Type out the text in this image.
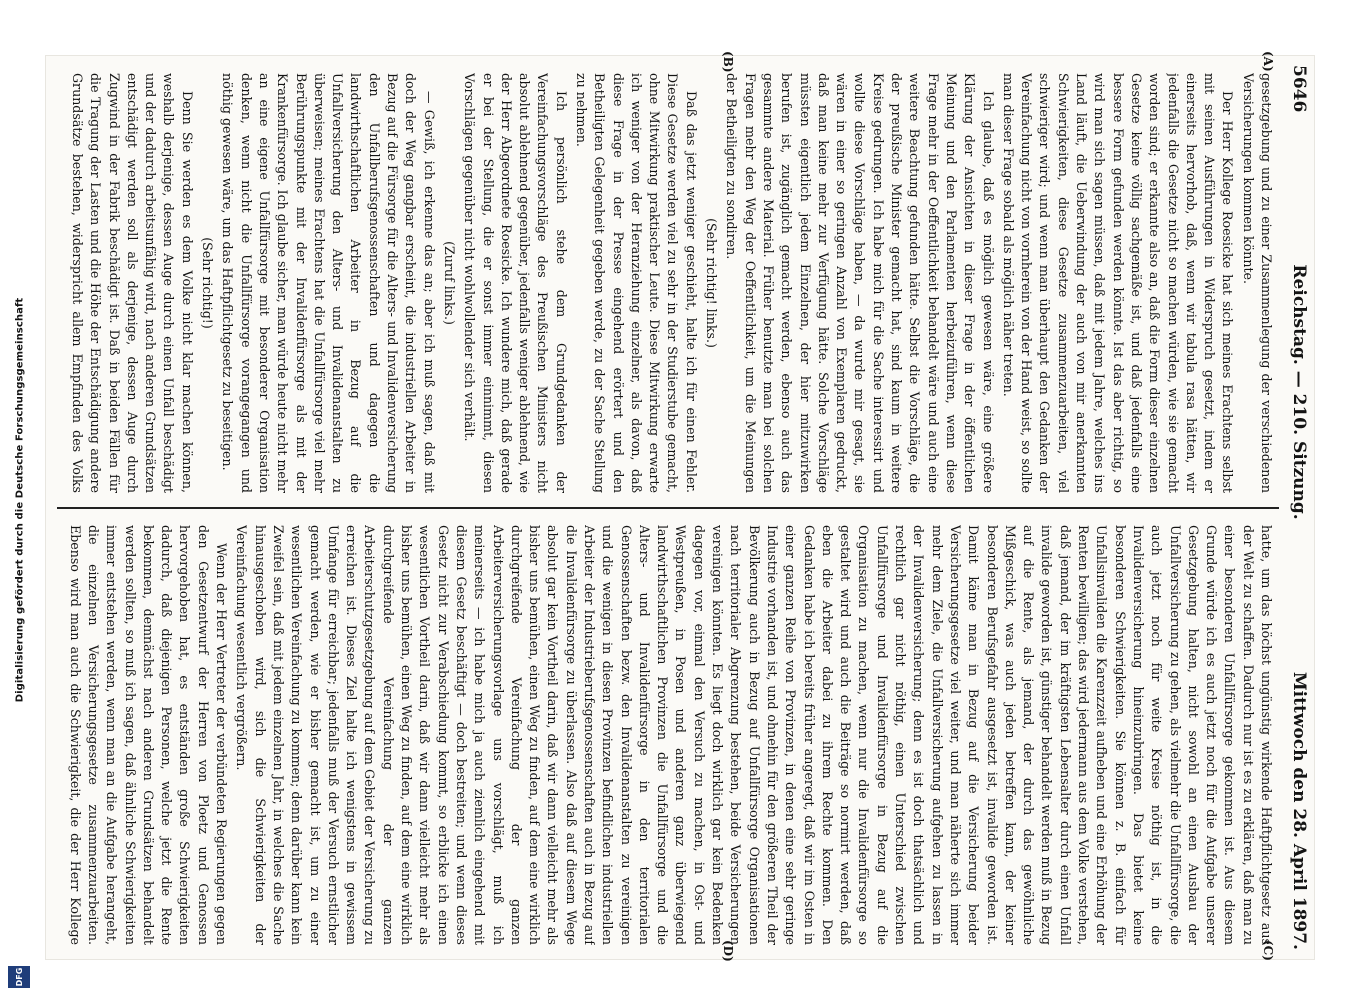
Digitalisierung gefördert durch die Deutsche Forschungsgemeinschaft
DFG
5646
Reichstag. — 210. Sitzung.
Mittwoch den 28. April 1897.
(A)
(B)
(C)
(D)

gesetzgebung und zu einer Zusammenlegung der verschiedenen Versicherungen kommen könnte.

Der Herr Kollege Roesicke hat sich meines Erachtens selbst mit seinen Ausführungen in Widerspruch gesetzt, indem er einerseits hervorhob, daß, wenn wir tabula rasa hätten, wir jedenfalls die Gesetze nicht so machen würden, wie sie gemacht worden sind; er erkannte also an, daß die Form dieser einzelnen Gesetze keine völlig sachgemäße ist, und daß jedenfalls eine bessere Form gefunden werden könnte. Ist das aber richtig, so wird man sich sagen müssen, daß mit jedem Jahre, welches ins Land läuft, die Ueberwindung der auch von mir anerkannten Schwierigkeiten, diese Gesetze zusammenzuarbeiten, viel schwieriger wird; und wenn man überhaupt den Gedanken der Vereinfachung nicht von vornherein von der Hand weist, so sollte man dieser Frage sobald als möglich näher treten.

Ich glaube, daß es möglich gewesen wäre, eine größere Klärung der Ansichten in dieser Frage in der öffentlichen Meinung und den Parlamenten herbeizuführen, wenn diese Frage mehr in der Oeffentlichkeit behandelt wäre und auch eine weitere Beachtung gefunden hätte. Selbst die Vorschläge, die der preußische Minister gemacht hat, sind kaum in weitere Kreise gedrungen. Ich habe mich für die Sache interessirt und wollte diese Vorschläge haben, — da wurde mir gesagt, sie wären in einer so geringen Anzahl von Exemplaren gedruckt, daß man keine mehr zur Verfügung hätte. Solche Vorschläge müssten eigentlich jedem Einzelnen, der hier mitzuwirken berufen ist, zugänglich gemacht werden, ebenso auch das gesammte andere Material. Früher benutzte man bei solchen Fragen mehr den Weg der Oeffentlichkeit, um die Meinungen der Betheiligten zu sondiren.

(Sehr richtig! links.)

Daß das jetzt weniger geschieht, halte ich für einen Fehler. Diese Gesetze werden viel zu sehr in der Studierstube gemacht, ohne Mitwirkung praktischer Leute. Diese Mitwirkung erwarte ich weniger von der Heranziehung einzelner, als davon, daß diese Frage in der Presse eingehend erörtert und den Betheiligten Gelegenheit gegeben werde, zu der Sache Stellung zu nehmen.

Ich persönlich stehe dem Grundgedanken der Vereinfachungsvorschläge des Preußischen Ministers nicht absolut ablehnend gegenüber, jedenfalls weniger ablehnend, wie der Herr Abgeordnete Roesicke. Ich wundere mich, daß gerade er bei der Stellung, die er sonst immer einnimmt, diesen Vorschlägen gegenüber nicht wohlwollender sich verhält.

(Zuruf links.)

— Gewiß, ich erkenne das an; aber ich muß sagen, daß mit doch der Weg gangbar erscheint, die industriellen Arbeiter in Bezug auf die Fürsorge für die Alters- und Invalidenversicherung den Unfallberufsgenossenschaften und dagegen die landwirthschaftlichen Arbeiter in Bezug auf die Unfallversicherung den Alters- und Invalidenanstalten zu überweisen; meines Erachtens hat die Unfallfürsorge viel mehr Berührungspunkte mit der Invalidenfürsorge als mit der Krankenfürsorge. Ich glaube sicher, man würde heute nicht mehr an eine eigene Unfallfürsorge mit besonderer Organisation denken, wenn nicht die Unfallfürsorge vorangegangen und nöthig gewesen wäre, um das Haftpflichtgesetz zu beseitigen.

(Sehr richtig!)

Denn Sie werden es dem Volke nicht klar machen können, weshalb derjenige, dessen Auge durch einen Unfall beschädigt und der dadurch arbeitsunfähig wird, nach anderen Grundsätzen entschädigt werden soll als derjenige, dessen Auge durch Zugwind in der Fabrik beschädigt ist. Daß in beiden Fällen für die Tragung der Lasten und die Höhe der Entschädigung andere Grundsätze bestehen, widerspricht allem Empfinden des Volks

hatte, um das höchst ungünstig wirkende Haftpflichtgesetz aus der Welt zu schaffen. Dadurch nur ist es zu erklären, daß man zu einer besonderen Unfallfürsorge gekommen ist. Aus diesem Grunde würde ich es auch jetzt noch für die Aufgabe unserer Gesetzgebung halten, nicht sowohl an einen Ausbau der Unfallversicherung zu gehen, als vielmehr die Unfallfürsorge, die auch jetzt noch für weite Kreise nöthig ist, in die Invalidenversicherung hineinzubringen. Das bietet keine besonderen Schwierigkeiten. Sie können z. B. einfach für Unfallsinvaliden die Karenzzeit aufheben und eine Erhöhung der Renten bewilligen; das wird jedermann aus dem Volke verstehen, daß jemand, der im kräftigsten Lebensalter durch einen Unfall invalide geworden ist, günstiger behandelt werden muß in Bezug auf die Rente, als jemand, der durch das gewöhnliche Mißgeschick, was auch jeden betreffen kann, der keiner besonderen Berufsgefahr ausgesetzt ist, invalide geworden ist. Damit käme man in Bezug auf die Versicherung beider Versicherungsgesetze viel weiter, und man näherte sich immer mehr dem Ziele, die Unfallversicherung aufgehen zu lassen in der Invalidenversicherung; denn es ist doch thatsächlich und rechtlich gar nicht nöthig, einen Unterschied zwischen Unfallfürsorge und Invalidenfürsorge in Bezug auf die Organisation zu machen, wenn nur die Invalidenfürsorge so gestaltet wird und auch die Beiträge so normirt werden, daß eben die Arbeiter dabei zu ihrem Rechte kommen. Den Gedanken habe ich bereits früher angeregt, daß wir im Osten in einer ganzen Reihe von Provinzen, in denen eine sehr geringe Industrie vorhanden ist, und ohnehin für den größeren Theil der Bevölkerung auch in Bezug auf Unfallfürsorge Organisationen nach territorialer Abgrenzung bestehen, beide Versicherungen vereinigen könnten. Es liegt doch wirklich gar kein Bedenken dagegen vor, einmal den Versuch zu machen, in Ost- und Westpreußen, in Posen und anderen ganz überwiegend landwirthschaftlichen Provinzen die Unfallfürsorge und die Alters- und Invalidenfürsorge in den territorialen Genossenschaften bezw. den Invalidenanstalten zu vereinigen und die wenigen in diesen Provinzen befindlichen industriellen Arbeiter der Industrieberufsgenossenschaften auch in Bezug auf die Invalidenfürsorge zu überlassen. Also daß auf diesem Wege absolut gar kein Vortheil darin, daß wir dann vielleicht mehr als bisher uns bemühen, einen Weg zu finden, auf dem eine wirklich durchgreifende Vereinfachung der ganzen Arbeiterversicherungsvorlage uns vorschlägt, muß ich meinerseits — ich habe mich ja auch ziemlich eingehend mit diesem Gesetz beschäftigt — doch bestreiten; und wenn dieses Gesetz nicht zur Verabschiedung kommt, so erblicke ich einen wesentlichen Vortheil darin, daß wir dann vielleicht mehr als bisher uns bemühen, einen Weg zu finden, auf dem eine wirklich durchgreifende Vereinfachung der ganzen Arbeiterschutzgesetzgebung auf dem Gebiet der Versicherung zu erreichen ist. Dieses Ziel halte ich wenigstens in gewissem Umfange für erreichbar; jedenfalls muß der Versuch ernstlicher gemacht werden, wie er bisher gemacht ist, um zu einer wesentlichen Vereinfachung zu kommen; denn darüber kann kein Zweifel sein, daß mit jedem einzelnen Jahr, in welches die Sache hinausgeschoben wird, sich die Schwierigkeiten der Vereinfachung wesentlich vergrößern.

Wenn der Herr Vertreter der verbündeten Regierungen gegen den Gesetzentwurf der Herren von Ploetz und Genossen hervorgehoben hat, es entständen große Schwierigkeiten dadurch, daß diejenigen Personen, welche jetzt die Rente bekommen, demnächst nach anderen Grundsätzen behandelt werden sollten, so muß ich sagen, daß ähnliche Schwierigkeiten immer entstehen werden, wenn man an die Aufgabe herangeht, die einzelnen Versicherungsgesetze zusammenzuarbeiten. Ebenso wird man auch die Schwierigkeit, die der Herr Kollege
